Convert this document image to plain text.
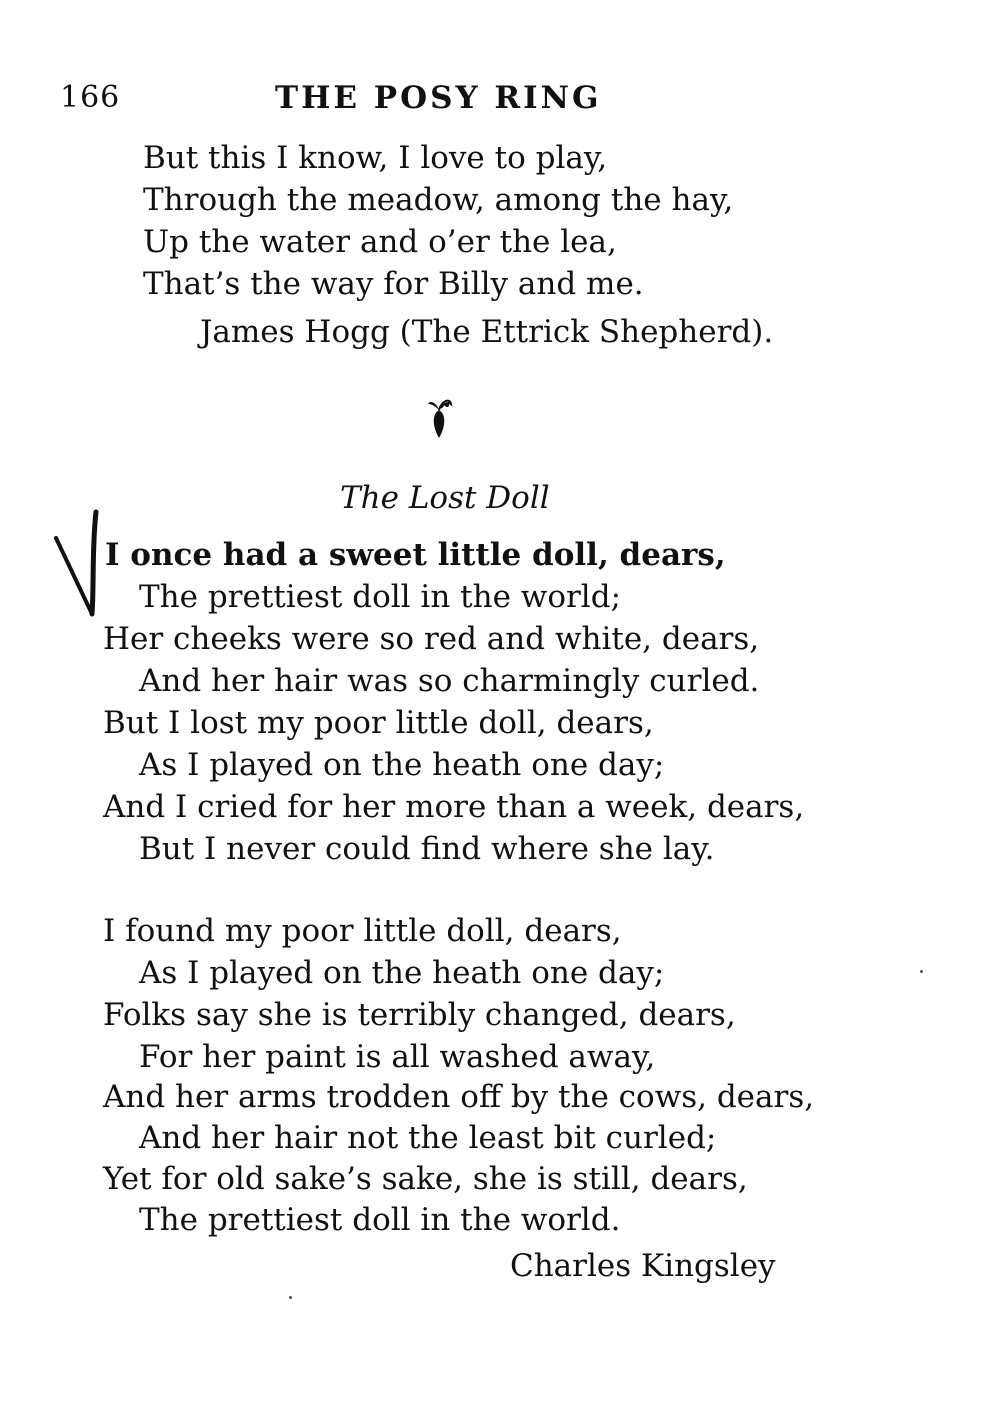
166	THE POSY RING
But this I know, I love to play,
Through the meadow, among the hay,
Up the water and o’er the lea,
That’s the way for Billy and me.
James Hogg (The Ettrick Shepherd).
The Lost Doll
I once had a sweet little doll, dears,
The prettiest doll in the world;
Her cheeks were so red and white, dears,
And her hair was so charmingly curled.
But I lost my poor little doll, dears,
As I played on the heath one day;
And I cried for her more than a week, dears,
But I never could find where she lay.
I found my poor little doll, dears,
As I played on the heath one day;
Folks say she is terribly changed, dears,
For her paint is all washed away,
And her arms trodden off by the cows, dears,
And her hair not the least bit curled;
Yet for old sake’s sake, she is still, dears,
The prettiest doll in the world.
Charles Kingsley
